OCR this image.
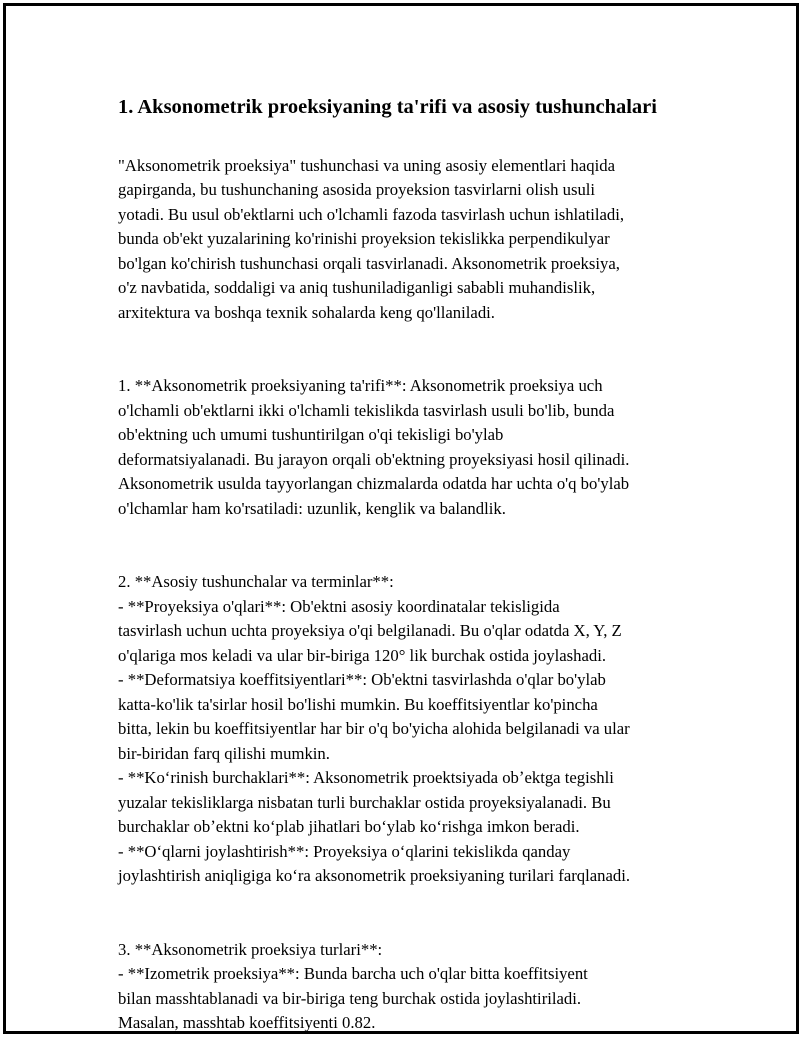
1. Aksonometrik proeksiyaning ta'rifi va asosiy tushunchalari

"Aksonometrik proeksiya" tushunchasi va uning asosiy elementlari haqida
gapirganda, bu tushunchaning asosida proyeksion tasvirlarni olish usuli
yotadi. Bu usul ob'ektlarni uch o'lchamli fazoda tasvirlash uchun ishlatiladi,
bunda ob'ekt yuzalarining ko'rinishi proyeksion tekislikka perpendikulyar
bo'lgan ko'chirish tushunchasi orqali tasvirlanadi. Aksonometrik proeksiya,
o'z navbatida, soddaligi va aniq tushuniladiganligi sababli muhandislik,
arxitektura va boshqa texnik sohalarda keng qo'llaniladi.

1. **Aksonometrik proeksiyaning ta'rifi**: Aksonometrik proeksiya uch
o'lchamli ob'ektlarni ikki o'lchamli tekislikda tasvirlash usuli bo'lib, bunda
ob'ektning uch umumi tushuntirilgan o'qi tekisligi bo'ylab
deformatsiyalanadi. Bu jarayon orqali ob'ektning proyeksiyasi hosil qilinadi.
Aksonometrik usulda tayyorlangan chizmalarda odatda har uchta o'q bo'ylab
o'lchamlar ham ko'rsatiladi: uzunlik, kenglik va balandlik.

2. **Asosiy tushunchalar va terminlar**:
- **Proyeksiya o'qlari**: Ob'ektni asosiy koordinatalar tekisligida
tasvirlash uchun uchta proyeksiya o'qi belgilanadi. Bu o'qlar odatda X, Y, Z
o'qlariga mos keladi va ular bir-biriga 120° lik burchak ostida joylashadi.
- **Deformatsiya koeffitsiyentlari**: Ob'ektni tasvirlashda o'qlar bo'ylab
katta-ko'lik ta'sirlar hosil bo'lishi mumkin. Bu koeffitsiyentlar ko'pincha
bitta, lekin bu koeffitsiyentlar har bir o'q bo'yicha alohida belgilanadi va ular
bir-biridan farq qilishi mumkin.
- **Koʻrinish burchaklari**: Aksonometrik proektsiyada obʼektga tegishli
yuzalar tekisliklarga nisbatan turli burchaklar ostida proyeksiyalanadi. Bu
burchaklar obʼektni koʻplab jihatlari boʻylab koʻrishga imkon beradi.
- **Oʻqlarni joylashtirish**: Proyeksiya oʻqlarini tekislikda qanday
joylashtirish aniqligiga koʻra aksonometrik proeksiyaning turilari farqlanadi.

3. **Aksonometrik proeksiya turlari**:
- **Izometrik proeksiya**: Bunda barcha uch o'qlar bitta koeffitsiyent
bilan masshtablanadi va bir-biriga teng burchak ostida joylashtiriladi.
Masalan, masshtab koeffitsiyenti 0.82.
